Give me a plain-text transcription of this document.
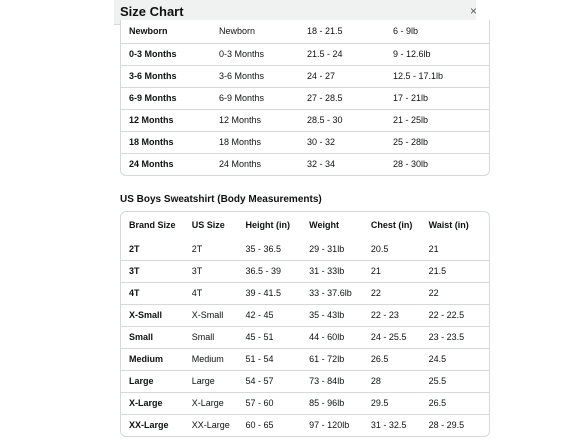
Size Chart	×
Newborn	Newborn	18 - 21.5	6 - 9lb
0-3 Months	0-3 Months	21.5 - 24	9 - 12.6lb
3-6 Months	3-6 Months	24 - 27	12.5 - 17.1lb
6-9 Months	6-9 Months	27 - 28.5	17 - 21lb
12 Months	12 Months	28.5 - 30	21 - 25lb
18 Months	18 Months	30 - 32	25 - 28lb
24 Months	24 Months	32 - 34	28 - 30lb
US Boys Sweatshirt (Body Measurements)
Brand Size	US Size	Height (in)	Weight	Chest (in)	Waist (in)
2T	2T	35 - 36.5	29 - 31lb	20.5	21
3T	3T	36.5 - 39	31 - 33lb	21	21.5
4T	4T	39 - 41.5	33 - 37.6lb	22	22
X-Small	X-Small	42 - 45	35 - 43lb	22 - 23	22 - 22.5
Small	Small	45 - 51	44 - 60lb	24 - 25.5	23 - 23.5
Medium	Medium	51 - 54	61 - 72lb	26.5	24.5
Large	Large	54 - 57	73 - 84lb	28	25.5
X-Large	X-Large	57 - 60	85 - 96lb	29.5	26.5
XX-Large	XX-Large	60 - 65	97 - 120lb	31 - 32.5	28 - 29.5
